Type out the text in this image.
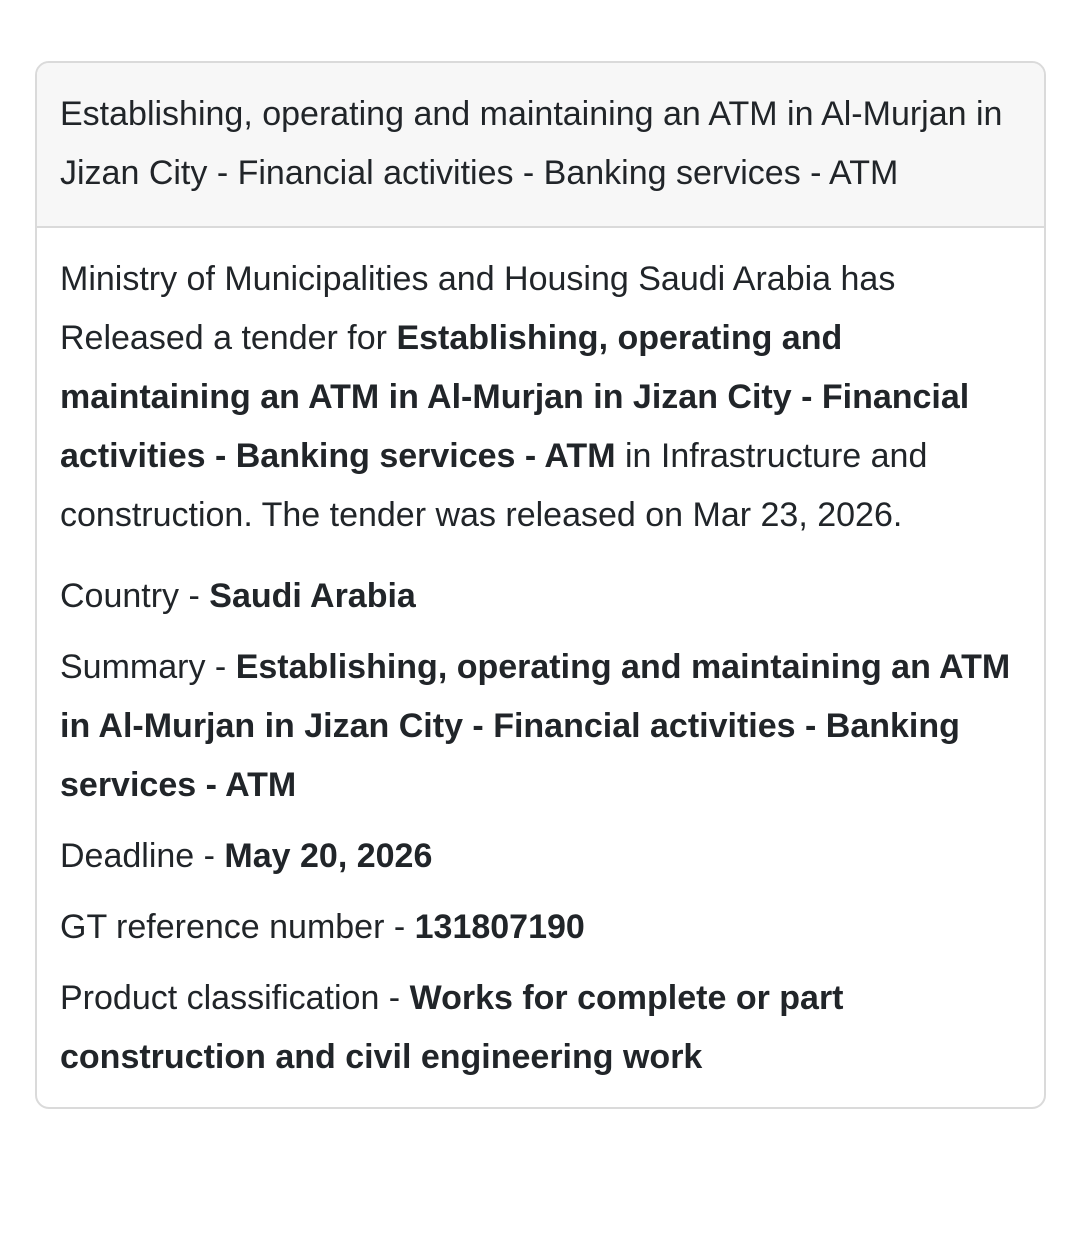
Establishing, operating and maintaining an ATM in Al-Murjan in Jizan City - Financial activities - Banking services - ATM

Ministry of Municipalities and Housing Saudi Arabia has Released a tender for Establishing, operating and maintaining an ATM in Al-Murjan in Jizan City - Financial activities - Banking services - ATM in Infrastructure and construction. The tender was released on Mar 23, 2026.

Country - Saudi Arabia
Summary - Establishing, operating and maintaining an ATM in Al-Murjan in Jizan City - Financial activities - Banking services - ATM
Deadline - May 20, 2026
GT reference number - 131807190
Product classification - Works for complete or part construction and civil engineering work
